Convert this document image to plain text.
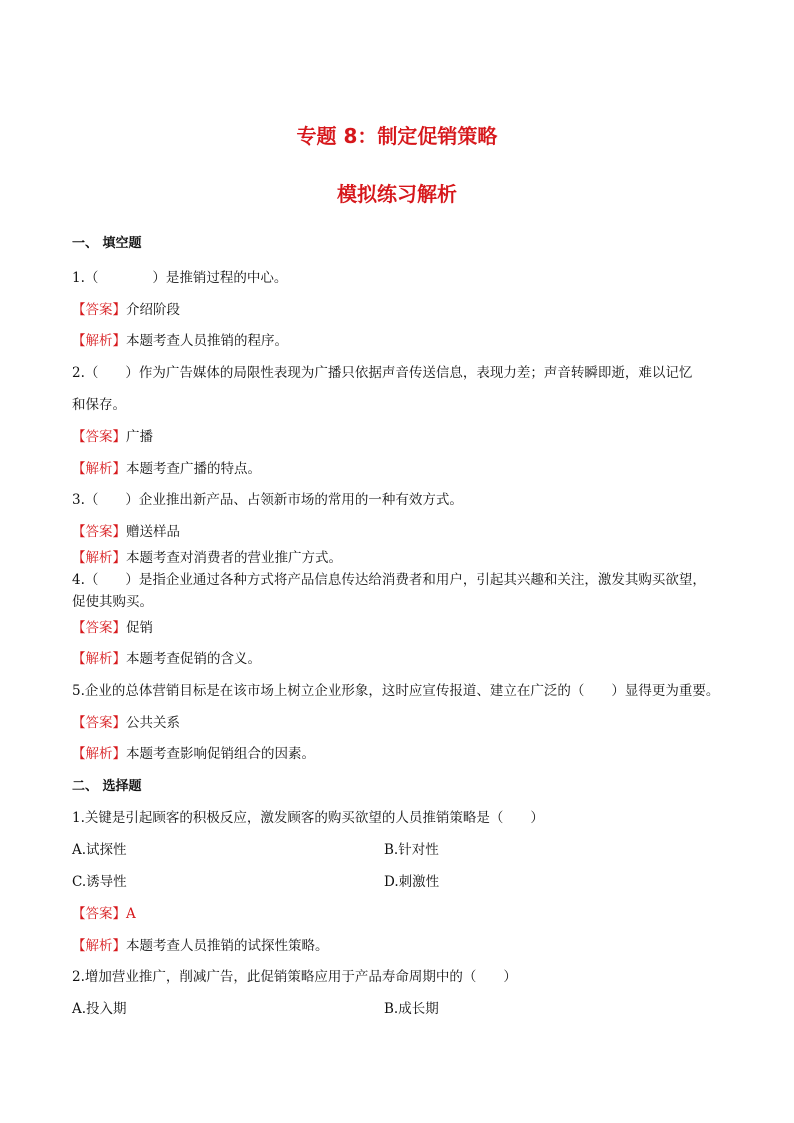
专题 8：制定促销策略
模拟练习解析
一、 填空题
1.（　　　　）是推销过程的中心。
【答案】介绍阶段
【解析】本题考查人员推销的程序。
2.（　　）作为广告媒体的局限性表现为广播只依据声音传送信息，表现力差；声音转瞬即逝，难以记忆
和保存。
【答案】广播
【解析】本题考查广播的特点。
3.（　　）企业推出新产品、占领新市场的常用的一种有效方式。
【答案】赠送样品
【解析】本题考查对消费者的营业推广方式。
4.（　　）是指企业通过各种方式将产品信息传达给消费者和用户，引起其兴趣和关注，激发其购买欲望，
促使其购买。
【答案】促销
【解析】本题考查促销的含义。
5.企业的总体营销目标是在该市场上树立企业形象，这时应宣传报道、建立在广泛的（　　）显得更为重要。
【答案】公共关系
【解析】本题考查影响促销组合的因素。
二、 选择题
1.关键是引起顾客的积极反应，激发顾客的购买欲望的人员推销策略是（　　）
A.试探性	B.针对性
C.诱导性	D.刺激性
【答案】A
【解析】本题考查人员推销的试探性策略。
2.增加营业推广，削减广告，此促销策略应用于产品寿命周期中的（　　）
A.投入期	B.成长期
